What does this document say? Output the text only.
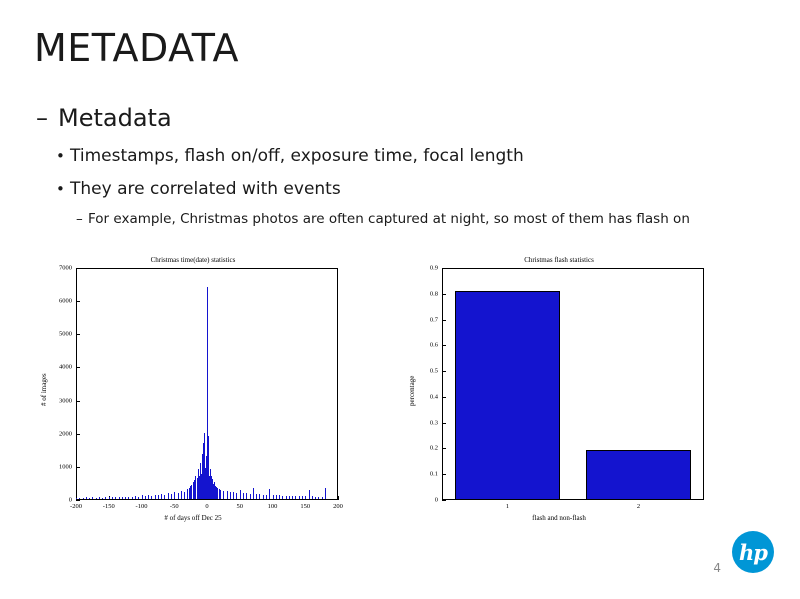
METADATA
– Metadata
• Timestamps, flash on/off, exposure time, focal length
• They are correlated with events
– For example, Christmas photos are often captured at night, so most of them has flash on
Christmas time(date) statistics
0
1000
2000
3000
4000
5000
6000
7000
-200	-150	-100	-50	0	50	100	150	200
# of days off Dec 25
# of images
Christmas flash statistics
0
0.1
0.2
0.3
0.4
0.5
0.6
0.7
0.8
0.9
1	2
flash and non-flash
percentage
4
hp
